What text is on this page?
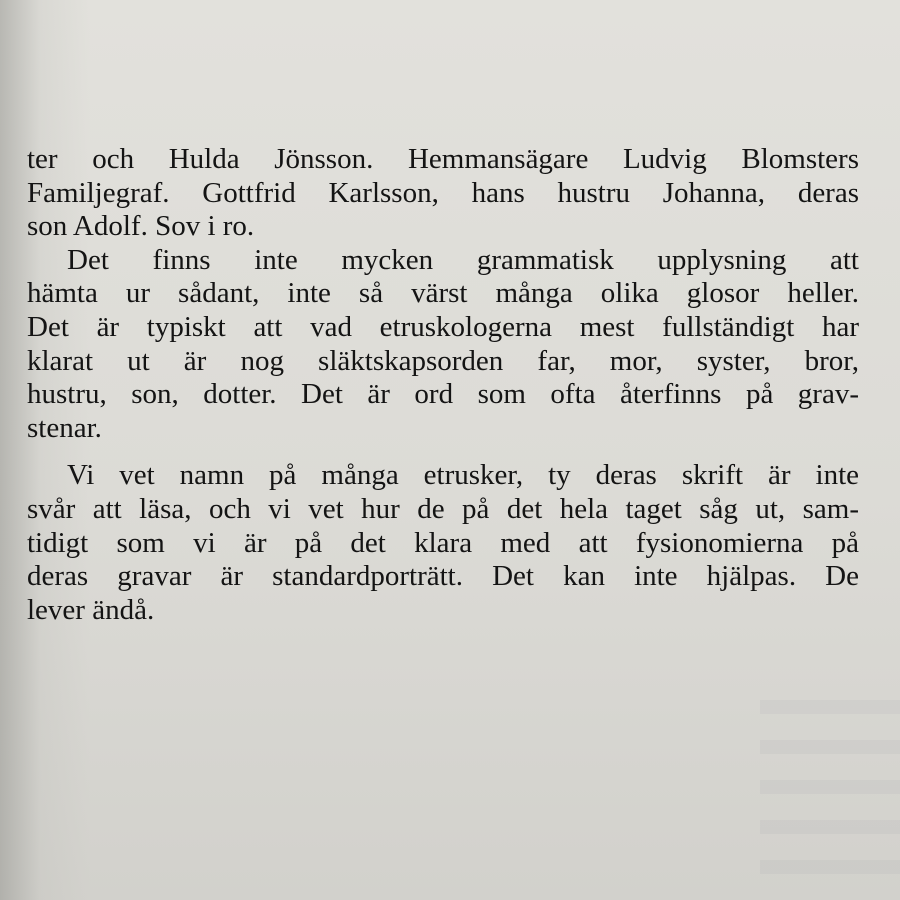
ter och Hulda Jönsson. Hemmansägare Ludvig Blomsters
Familjegraf. Gottfrid Karlsson, hans hustru Johanna, deras
son Adolf. Sov i ro.
Det finns inte mycken grammatisk upplysning att
hämta ur sådant, inte så värst många olika glosor heller.
Det är typiskt att vad etruskologerna mest fullständigt har
klarat ut är nog släktskapsorden far, mor, syster, bror,
hustru, son, dotter. Det är ord som ofta återfinns på grav-
stenar.
Vi vet namn på många etrusker, ty deras skrift är inte
svår att läsa, och vi vet hur de på det hela taget såg ut, sam-
tidigt som vi är på det klara med att fysionomierna på
deras gravar är standardporträtt. Det kan inte hjälpas. De
lever ändå.
